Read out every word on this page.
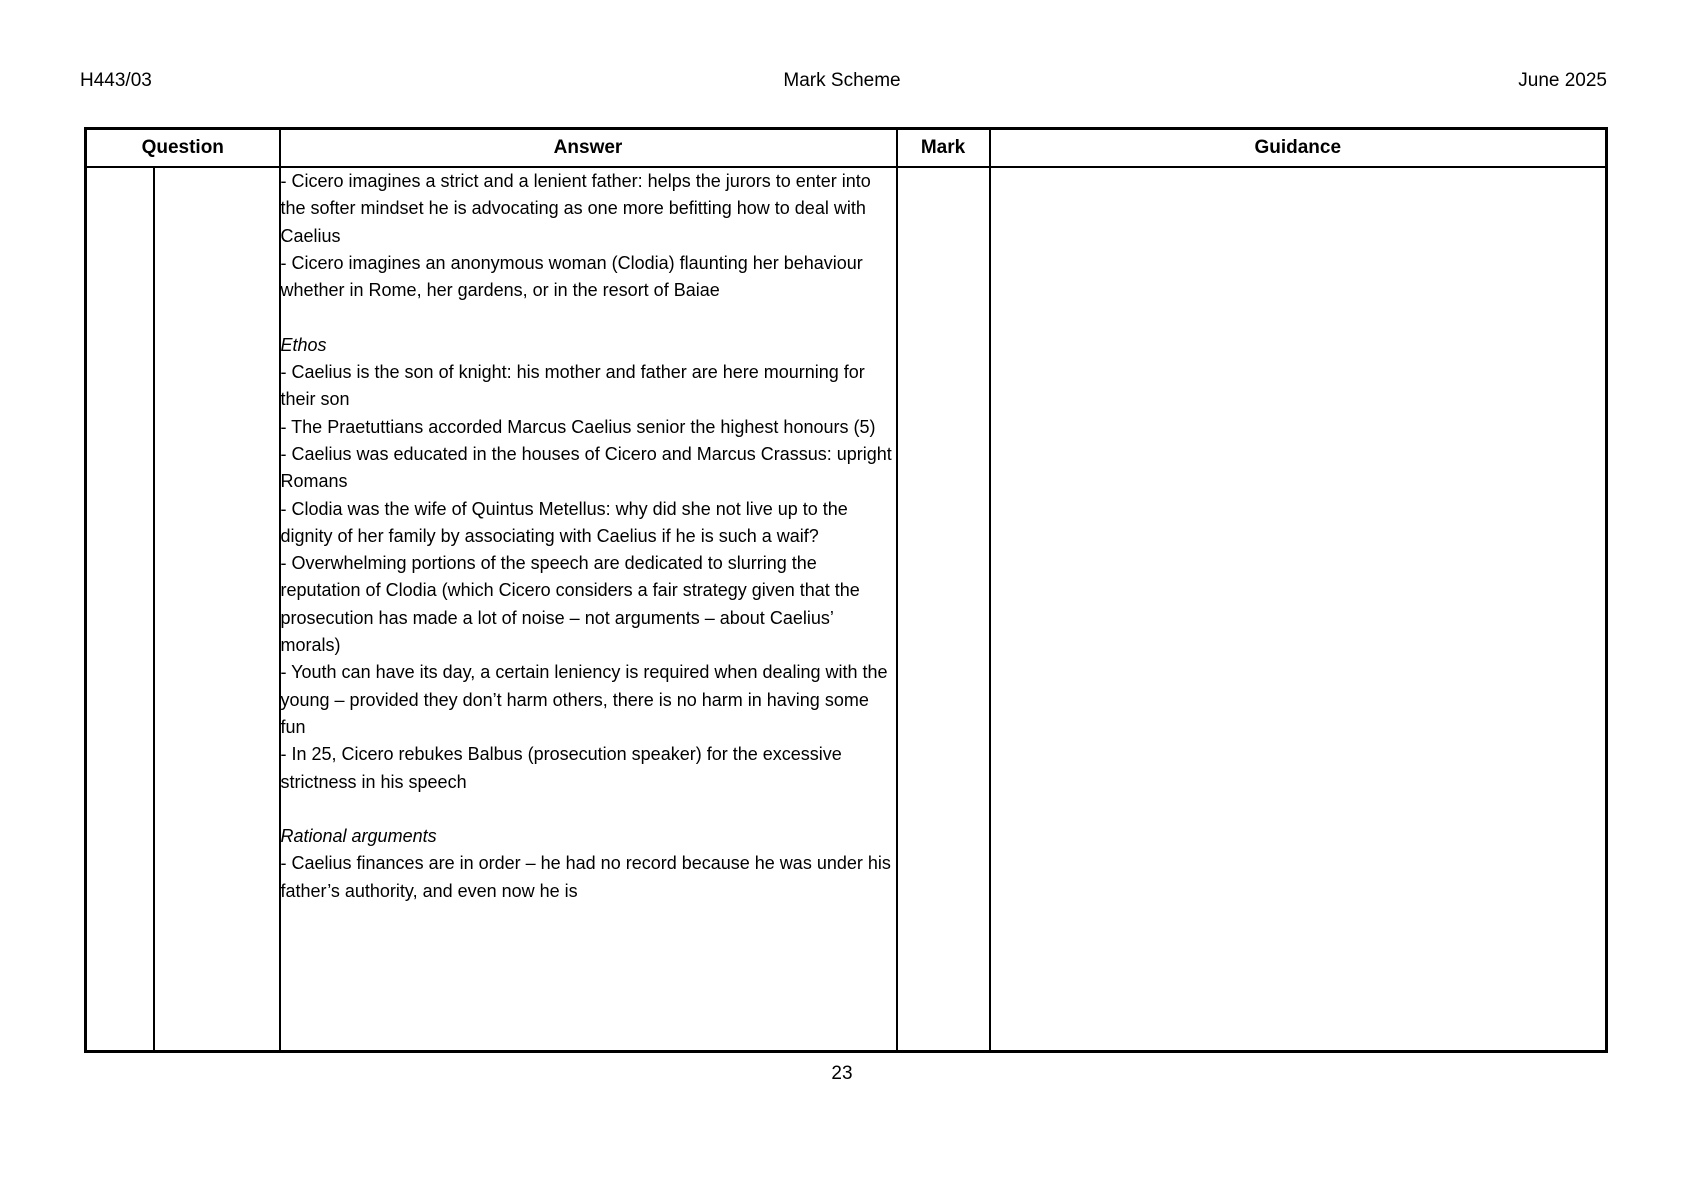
H443/03	Mark Scheme	June 2025
Question		Answer	Mark	Guidance

- Cicero imagines a strict and a lenient father: helps the jurors to enter into the softer mindset he is advocating as one more befitting how to deal with Caelius
- Cicero imagines an anonymous woman (Clodia) flaunting her behaviour whether in Rome, her gardens, or in the resort of Baiae
Ethos
- Caelius is the son of knight: his mother and father are here mourning for their son
- The Praetuttians accorded Marcus Caelius senior the highest honours (5)
- Caelius was educated in the houses of Cicero and Marcus Crassus: upright Romans
- Clodia was the wife of Quintus Metellus: why did she not live up to the dignity of her family by associating with Caelius if he is such a waif?
- Overwhelming portions of the speech are dedicated to slurring the reputation of Clodia (which Cicero considers a fair strategy given that the prosecution has made a lot of noise – not arguments – about Caelius’ morals)
- Youth can have its day, a certain leniency is required when dealing with the young – provided they don’t harm others, there is no harm in having some fun
- In 25, Cicero rebukes Balbus (prosecution speaker) for the excessive strictness in his speech
Rational arguments
- Caelius finances are in order – he had no record because he was under his father’s authority, and even now he is

23
